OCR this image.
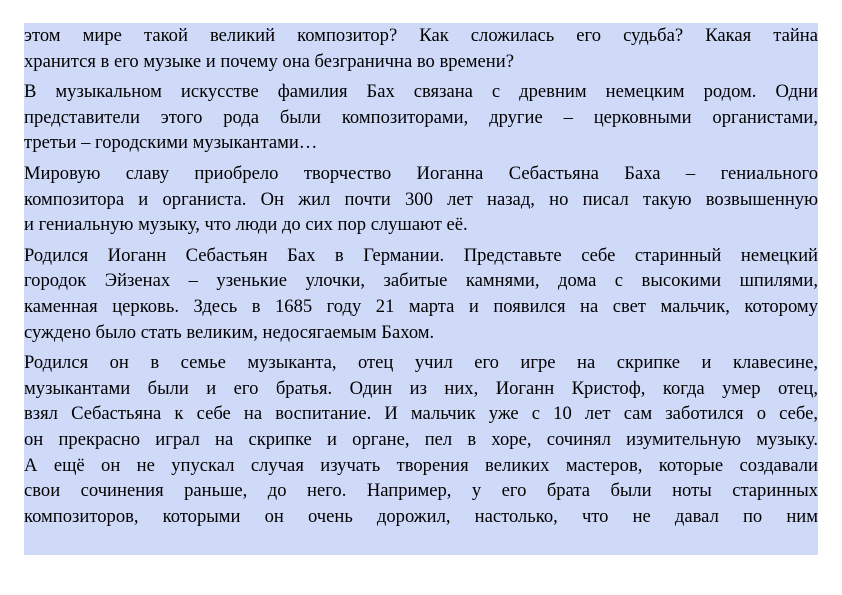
этом мире такой великий композитор? Как сложилась его судьба? Какая тайна
хранится в его музыке и почему она безгранична во времени?

В музыкальном искусстве фамилия Бах связана с древним немецким родом. Одни
представители этого рода были композиторами, другие – церковными органистами,
третьи – городскими музыкантами…

Мировую славу приобрело творчество Иоганна Себастьяна Баха – гениального
композитора и органиста. Он жил почти 300 лет назад, но писал такую возвышенную
и гениальную музыку, что люди до сих пор слушают её.

Родился Иоганн Себастьян Бах в Германии. Представьте себе старинный немецкий
городок Эйзенах – узенькие улочки, забитые камнями, дома с высокими шпилями,
каменная церковь. Здесь в 1685 году 21 марта и появился на свет мальчик, которому
суждено было стать великим, недосягаемым Бахом.

Родился он в семье музыканта, отец учил его игре на скрипке и клавесине,
музыкантами были и его братья. Один из них, Иоганн Кристоф, когда умер отец,
взял Себастьяна к себе на воспитание. И мальчик уже с 10 лет сам заботился о себе,
он прекрасно играл на скрипке и органе, пел в хоре, сочинял изумительную музыку.
А ещё он не упускал случая изучать творения великих мастеров, которые создавали
свои сочинения раньше, до него. Например, у его брата были ноты старинных
композиторов, которыми он очень дорожил, настолько, что не давал по ним
